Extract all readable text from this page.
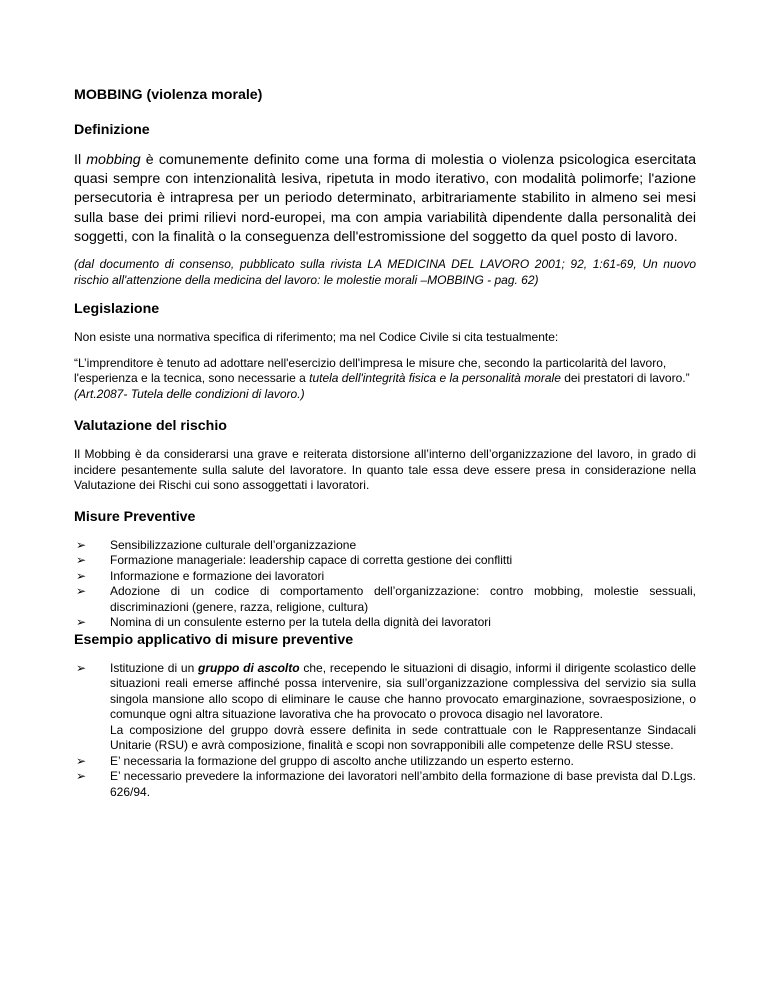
MOBBING (violenza morale)
Definizione

Il mobbing è comunemente definito come una forma di molestia o violenza psicologica esercitata quasi sempre con intenzionalità lesiva, ripetuta in modo iterativo, con modalità polimorfe; l'azione persecutoria è intrapresa per un periodo determinato, arbitrariamente stabilito in almeno sei mesi sulla base dei primi rilievi nord-europei, ma con ampia variabilità dipendente dalla personalità dei soggetti, con la finalità o la conseguenza dell'estromissione del soggetto da quel posto di lavoro.

(dal documento di consenso, pubblicato sulla rivista LA MEDICINA DEL LAVORO 2001; 92, 1:61-69, Un nuovo rischio all'attenzione della medicina del lavoro: le molestie morali –MOBBING - pag. 62)

Legislazione

Non esiste una normativa specifica di riferimento; ma nel Codice Civile si cita testualmente:

“L’imprenditore è tenuto ad adottare nell'esercizio dell'impresa le misure che, secondo la particolarità del lavoro, l'esperienza e la tecnica, sono necessarie a tutela dell'integrità fisica e la personalità morale dei prestatori di lavoro.”
(Art.2087- Tutela delle condizioni di lavoro.)

Valutazione del rischio

Il Mobbing è da considerarsi una grave e reiterata distorsione all’interno dell’organizzazione del lavoro, in grado di incidere pesantemente sulla salute del lavoratore. In quanto tale essa deve essere presa in considerazione nella Valutazione dei Rischi cui sono assoggettati i lavoratori.

Misure Preventive
➢ Sensibilizzazione culturale dell’organizzazione
➢ Formazione manageriale: leadership capace di corretta gestione dei conflitti
➢ Informazione e formazione dei lavoratori
➢ Adozione di un codice di comportamento dell’organizzazione: contro mobbing, molestie sessuali, discriminazioni (genere, razza, religione, cultura)
➢ Nomina di un consulente esterno per la tutela della dignità dei lavoratori
Esempio applicativo di misure preventive
➢ Istituzione di un gruppo di ascolto che, recependo le situazioni di disagio, informi il dirigente scolastico delle situazioni reali emerse affinché possa intervenire, sia sull’organizzazione complessiva del servizio sia sulla singola mansione allo scopo di eliminare le cause che hanno provocato emarginazione, sovraesposizione, o comunque ogni altra situazione lavorativa che ha provocato o provoca disagio nel lavoratore.
La composizione del gruppo dovrà essere definita in sede contrattuale con le Rappresentanze Sindacali Unitarie (RSU) e avrà composizione, finalità e scopi non sovrapponibili alle competenze delle RSU stesse.
➢ E’ necessaria la formazione del gruppo di ascolto anche utilizzando un esperto esterno.
➢ E’ necessario prevedere la informazione dei lavoratori nell’ambito della formazione di base prevista dal D.Lgs. 626/94.
